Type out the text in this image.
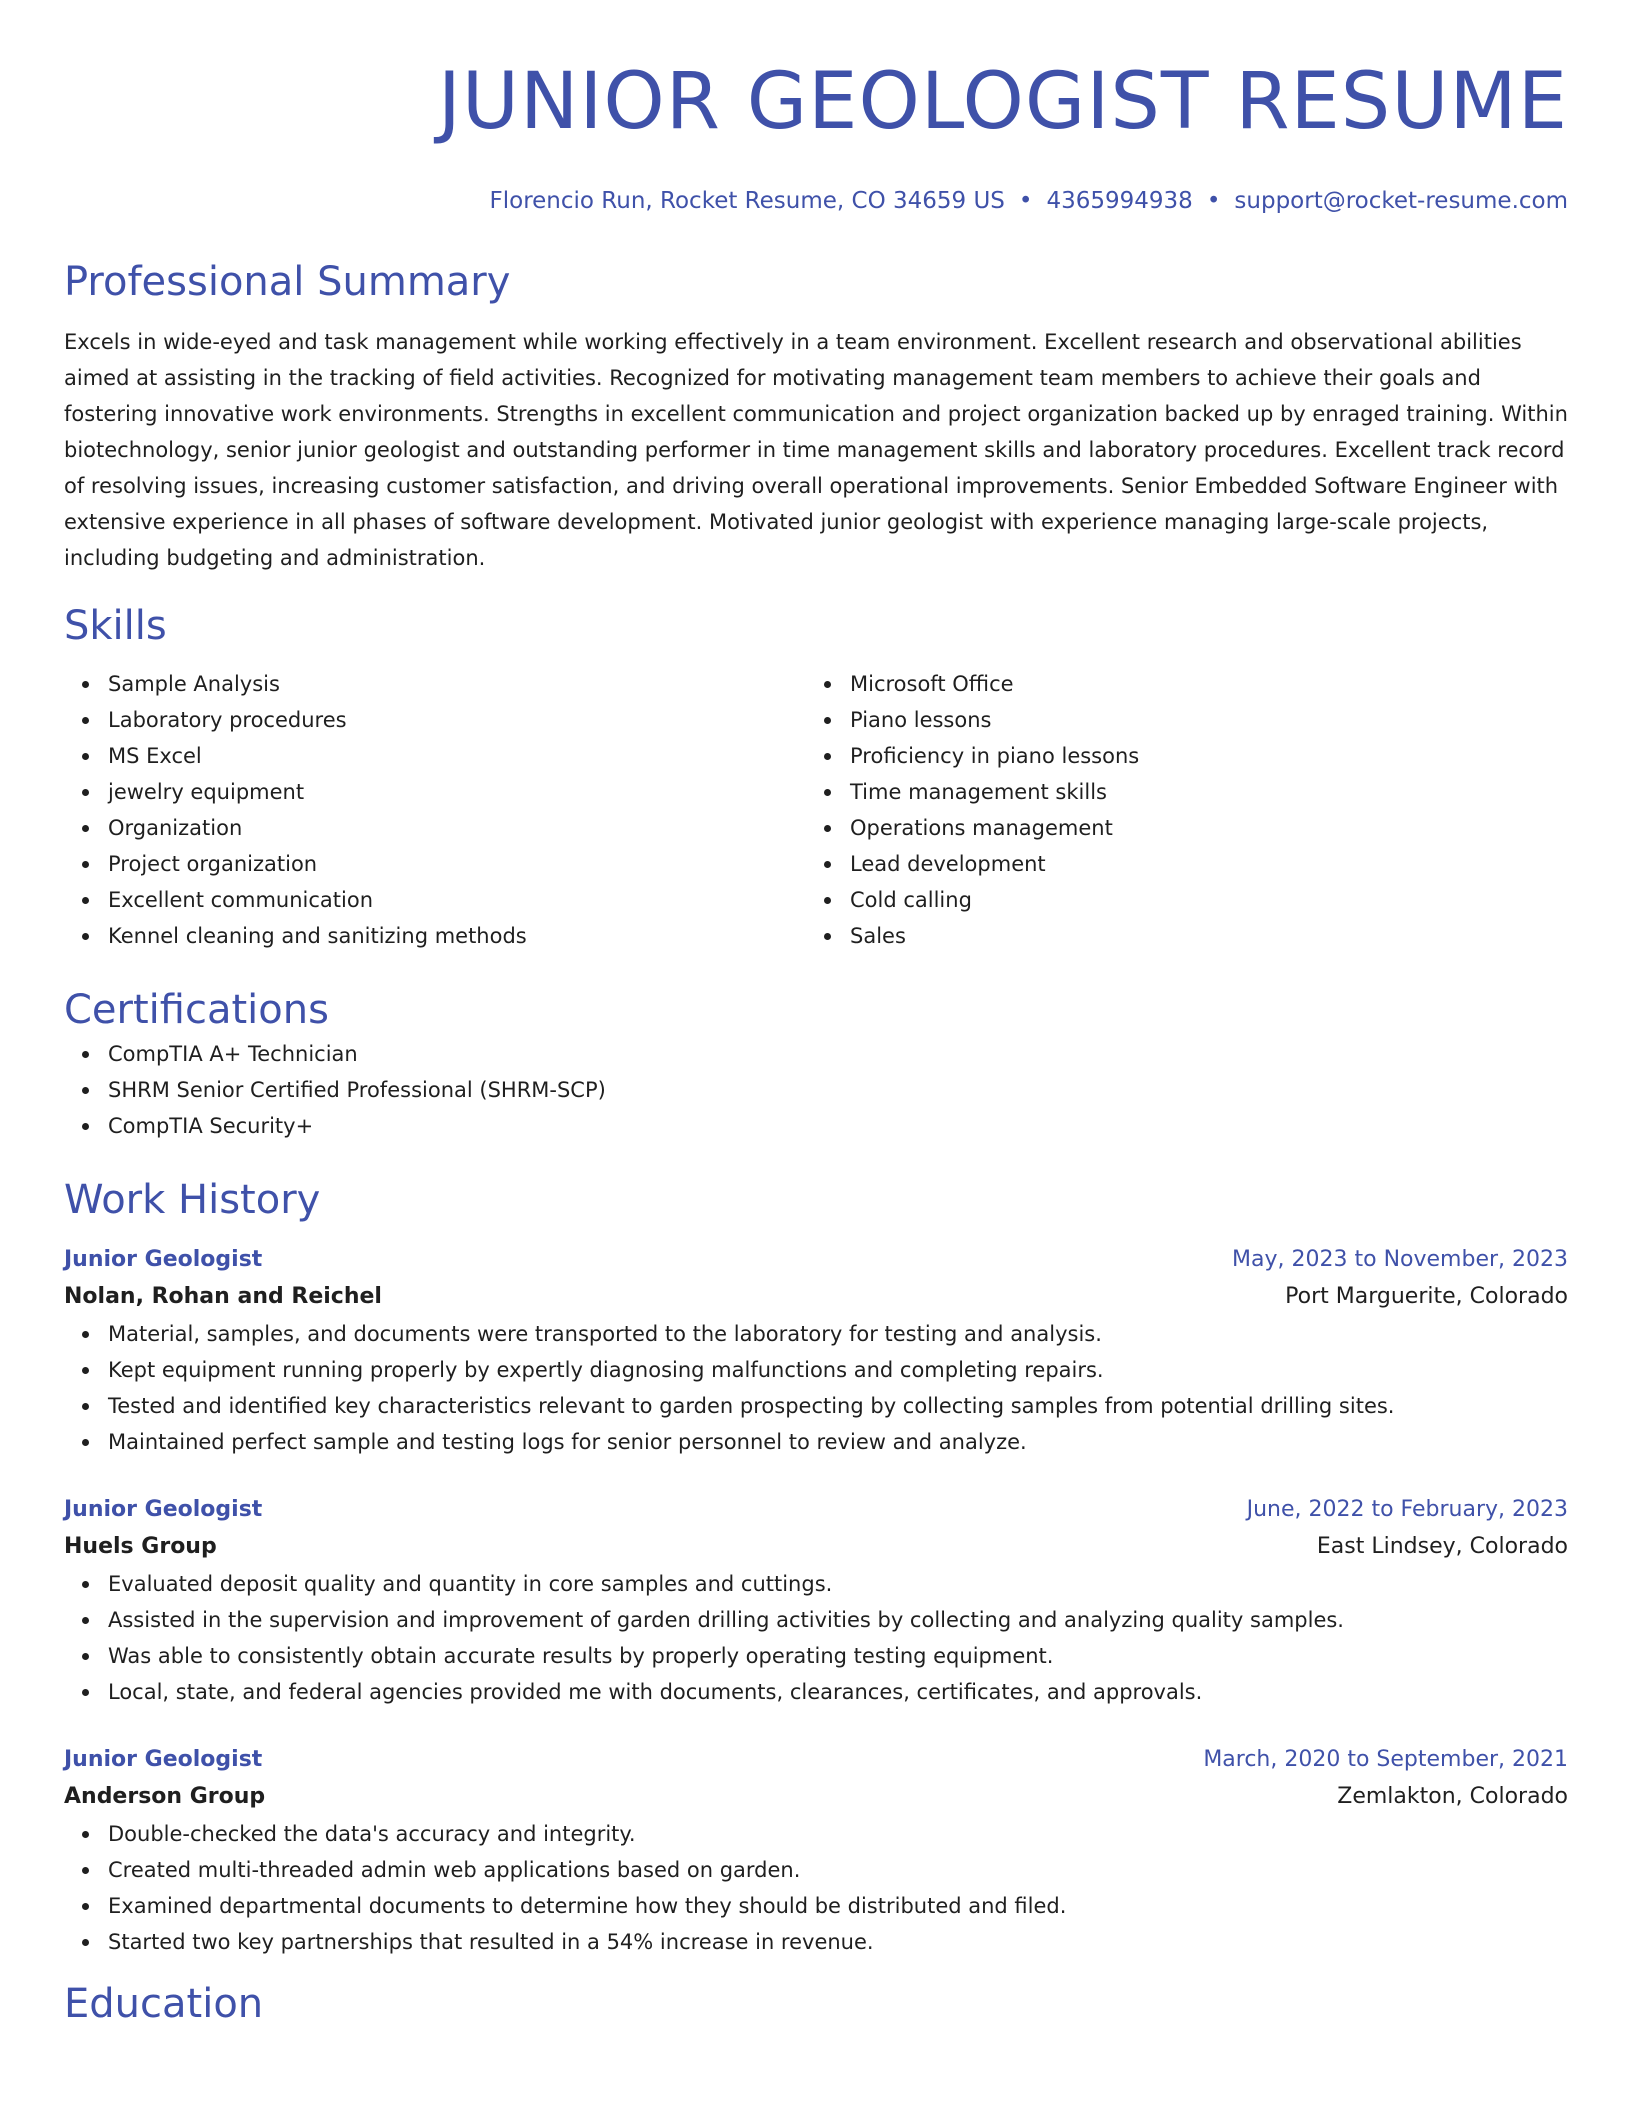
JUNIOR GEOLOGIST RESUME
Florencio Run, Rocket Resume, CO 34659 US • 4365994938 • support@rocket-resume.com
Professional Summary

Excels in wide-eyed and task management while working effectively in a team environment. Excellent research and observational abilities aimed at assisting in the tracking of field activities. Recognized for motivating management team members to achieve their goals and fostering innovative work environments. Strengths in excellent communication and project organization backed up by enraged training. Within biotechnology, senior junior geologist and outstanding performer in time management skills and laboratory procedures. Excellent track record of resolving issues, increasing customer satisfaction, and driving overall operational improvements. Senior Embedded Software Engineer with extensive experience in all phases of software development. Motivated junior geologist with experience managing large-scale projects, including budgeting and administration.

Skills
Sample Analysis
Laboratory procedures
MS Excel
jewelry equipment
Organization
Project organization
Excellent communication
Kennel cleaning and sanitizing methods
Microsoft Office
Piano lessons
Proficiency in piano lessons
Time management skills
Operations management
Lead development
Cold calling
Sales
Certifications
CompTIA A+ Technician
SHRM Senior Certified Professional (SHRM-SCP)
CompTIA Security+
Work History
Junior Geologist	May, 2023 to November, 2023
Nolan, Rohan and Reichel	Port Marguerite, Colorado
Material, samples, and documents were transported to the laboratory for testing and analysis.
Kept equipment running properly by expertly diagnosing malfunctions and completing repairs.
Tested and identified key characteristics relevant to garden prospecting by collecting samples from potential drilling sites.
Maintained perfect sample and testing logs for senior personnel to review and analyze.
Junior Geologist	June, 2022 to February, 2023
Huels Group	East Lindsey, Colorado
Evaluated deposit quality and quantity in core samples and cuttings.
Assisted in the supervision and improvement of garden drilling activities by collecting and analyzing quality samples.
Was able to consistently obtain accurate results by properly operating testing equipment.
Local, state, and federal agencies provided me with documents, clearances, certificates, and approvals.
Junior Geologist	March, 2020 to September, 2021
Anderson Group	Zemlakton, Colorado
Double-checked the data's accuracy and integrity.
Created multi-threaded admin web applications based on garden.
Examined departmental documents to determine how they should be distributed and filed.
Started two key partnerships that resulted in a 54% increase in revenue.
Education
